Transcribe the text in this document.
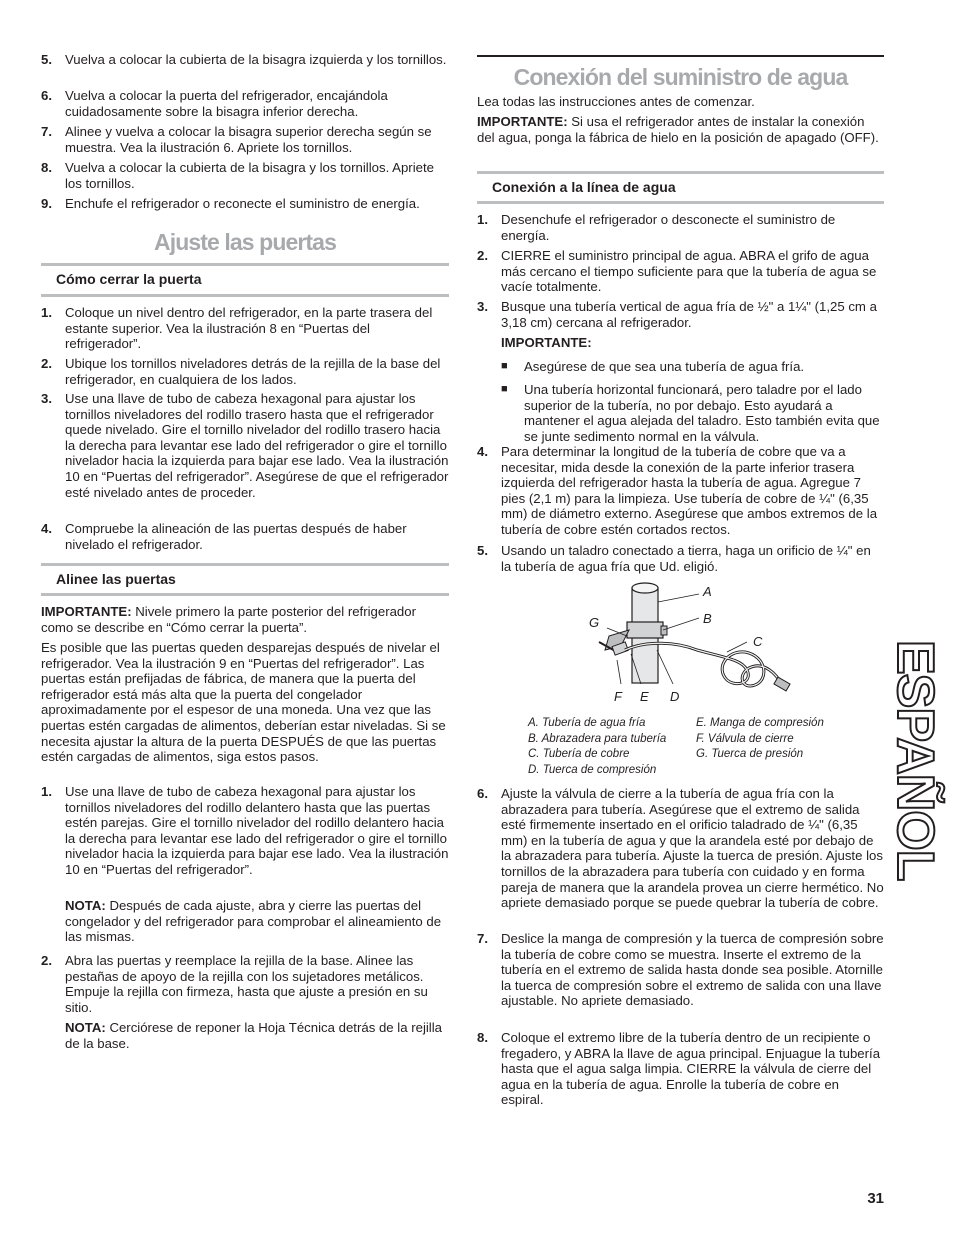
5. Vuelva a colocar la cubierta de la bisagra izquierda y los tornillos.
6. Vuelva a colocar la puerta del refrigerador, encajándola cuidadosamente sobre la bisagra inferior derecha.
7. Alinee y vuelva a colocar la bisagra superior derecha según se muestra. Vea la ilustración 6. Apriete los tornillos.
8. Vuelva a colocar la cubierta de la bisagra y los tornillos. Apriete los tornillos.
9. Enchufe el refrigerador o reconecte el suministro de energía.
Ajuste las puertas
Cómo cerrar la puerta
1. Coloque un nivel dentro del refrigerador, en la parte trasera del estante superior. Vea la ilustración 8 en “Puertas del refrigerador”.
2. Ubique los tornillos niveladores detrás de la rejilla de la base del refrigerador, en cualquiera de los lados.
3. Use una llave de tubo de cabeza hexagonal para ajustar los tornillos niveladores del rodillo trasero hasta que el refrigerador quede nivelado. Gire el tornillo nivelador del rodillo trasero hacia la derecha para levantar ese lado del refrigerador o gire el tornillo nivelador hacia la izquierda para bajar ese lado. Vea la ilustración 10 en “Puertas del refrigerador”. Asegúrese de que el refrigerador esté nivelado antes de proceder.
4. Compruebe la alineación de las puertas después de haber nivelado el refrigerador.
Alinee las puertas

IMPORTANTE: Nivele primero la parte posterior del refrigerador como se describe en “Cómo cerrar la puerta”.

Es posible que las puertas queden desparejas después de nivelar el refrigerador. Vea la ilustración 9 en “Puertas del refrigerador”. Las puertas están prefijadas de fábrica, de manera que la puerta del refrigerador está más alta que la puerta del congelador aproximadamente por el espesor de una moneda. Una vez que las puertas estén cargadas de alimentos, deberían estar niveladas. Si se necesita ajustar la altura de la puerta DESPUÉS de que las puertas estén cargadas de alimentos, siga estos pasos.

1. Use una llave de tubo de cabeza hexagonal para ajustar los tornillos niveladores del rodillo delantero hasta que las puertas estén parejas. Gire el tornillo nivelador del rodillo delantero hacia la derecha para levantar ese lado del refrigerador o gire el tornillo nivelador hacia la izquierda para bajar ese lado. Vea la ilustración 10 en “Puertas del refrigerador”.

NOTA: Después de cada ajuste, abra y cierre las puertas del congelador y del refrigerador para comprobar el alineamiento de las mismas.

2. Abra las puertas y reemplace la rejilla de la base. Alinee las pestañas de apoyo de la rejilla con los sujetadores metálicos. Empuje la rejilla con firmeza, hasta que ajuste a presión en su sitio.

NOTA: Cerciórese de reponer la Hoja Técnica detrás de la rejilla de la base.

Conexión del suministro de agua

Lea todas las instrucciones antes de comenzar.

IMPORTANTE: Si usa el refrigerador antes de instalar la conexión del agua, ponga la fábrica de hielo en la posición de apagado (OFF).

Conexión a la línea de agua
1. Desenchufe el refrigerador o desconecte el suministro de energía.
2. CIERRE el suministro principal de agua. ABRA el grifo de agua más cercano el tiempo suficiente para que la tubería de agua se vacíe totalmente.
3. Busque una tubería vertical de agua fría de ½" a 1¼" (1,25 cm a 3,18 cm) cercana al refrigerador.

IMPORTANTE:

■ Asegúrese de que sea una tubería de agua fría.
■ Una tubería horizontal funcionará, pero taladre por el lado superior de la tubería, no por debajo. Esto ayudará a mantener el agua alejada del taladro. Esto también evita que se junte sedimento normal en la válvula.
4. Para determinar la longitud de la tubería de cobre que va a necesitar, mida desde la conexión de la parte inferior trasera izquierda del refrigerador hasta la tubería de agua. Agregue 7 pies (2,1 m) para la limpieza. Use tubería de cobre de ¼" (6,35 mm) de diámetro externo. Asegúrese que ambos extremos de la tubería de cobre estén cortados rectos.
5. Usando un taladro conectado a tierra, haga un orificio de ¼" en la tubería de agua fría que Ud. eligió.
A
B
C
G
F E D
A. Tubería de agua fría
B. Abrazadera para tubería
C. Tubería de cobre
D. Tuerca de compresión
E. Manga de compresión
F. Válvula de cierre
G. Tuerca de presión
6. Ajuste la válvula de cierre a la tubería de agua fría con la abrazadera para tubería. Asegúrese que el extremo de salida esté firmemente insertado en el orificio taladrado de ¼" (6,35 mm) en la tubería de agua y que la arandela esté por debajo de la abrazadera para tubería. Ajuste la tuerca de presión. Ajuste los tornillos de la abrazadera para tubería con cuidado y en forma pareja de manera que la arandela provea un cierre hermético. No apriete demasiado porque se puede quebrar la tubería de cobre.
7. Deslice la manga de compresión y la tuerca de compresión sobre la tubería de cobre como se muestra. Inserte el extremo de la tubería en el extremo de salida hasta donde sea posible. Atornille la tuerca de compresión sobre el extremo de salida con una llave ajustable. No apriete demasiado.
8. Coloque el extremo libre de la tubería dentro de un recipiente o fregadero, y ABRA la llave de agua principal. Enjuague la tubería hasta que el agua salga limpia. CIERRE la válvula de cierre del agua en la tubería de agua. Enrolle la tubería de cobre en espiral.
ESPAÑOL
31
